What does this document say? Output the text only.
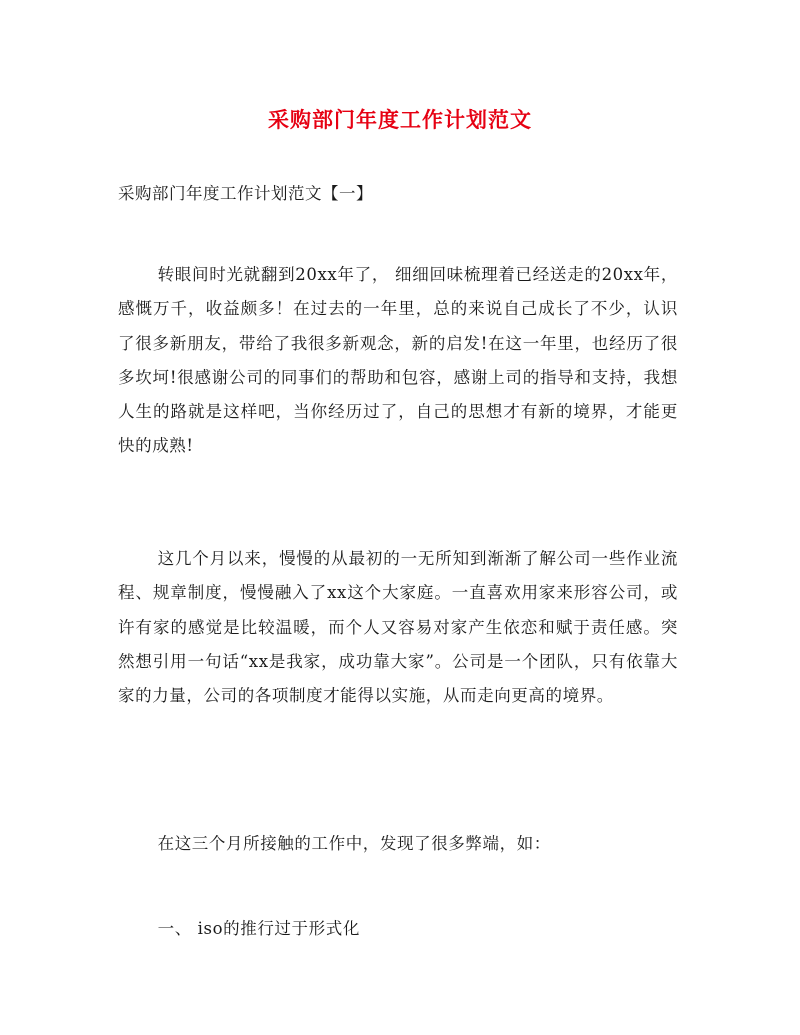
采购部门年度工作计划范文
采购部门年度工作计划范文【一】

转眼间时光就翻到20xx年了， 细细回味梳理着已经送走的20xx年，感慨万千，收益颇多！在过去的一年里，总的来说自己成长了不少，认识了很多新朋友，带给了我很多新观念，新的启发!在这一年里，也经历了很多坎坷!很感谢公司的同事们的帮助和包容，感谢上司的指导和支持，我想人生的路就是这样吧，当你经历过了，自己的思想才有新的境界，才能更快的成熟!

这几个月以来，慢慢的从最初的一无所知到渐渐了解公司一些作业流程、规章制度，慢慢融入了xx这个大家庭。一直喜欢用家来形容公司，或许有家的感觉是比较温暖，而个人又容易对家产生依恋和赋于责任感。突然想引用一句话“xx是我家，成功靠大家”。公司是一个团队，只有依靠大家的力量，公司的各项制度才能得以实施，从而走向更高的境界。

在这三个月所接触的工作中，发现了很多弊端，如：

一、 iso的推行过于形式化
